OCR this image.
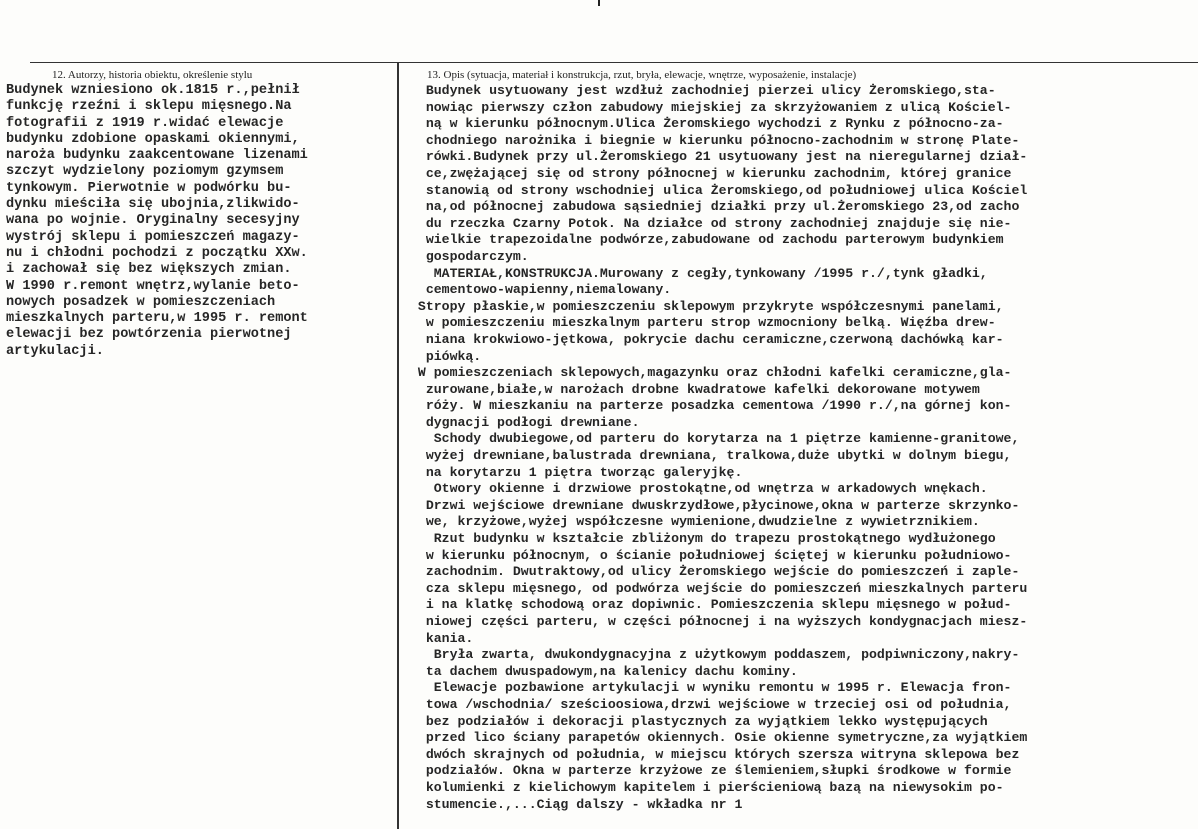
12. Autorzy, historia obiektu, określenie stylu	13. Opis (sytuacja, materiał i konstrukcja, rzut, bryła, elewacje, wnętrze, wyposażenie, instalacje)
Budynek wzniesiono ok.1815 r.,pełnił
funkcję rzeźni i sklepu mięsnego.Na
fotografii z 1919 r.widać elewacje
budynku zdobione opaskami okiennymi,
naroża budynku zaakcentowane lizenami
szczyt wydzielony poziomym gzymsem
tynkowym. Pierwotnie w podwórku bu-
dynku mieściła się ubojnia,zlikwido-
wana po wojnie. Oryginalny secesyjny
wystrój sklepu i pomieszczeń magazy-
nu i chłodni pochodzi z początku XXw.
i zachował się bez większych zmian.
W 1990 r.remont wnętrz,wylanie beto-
nowych posadzek w pomieszczeniach
mieszkalnych parteru,w 1995 r. remont
elewacji bez powtórzenia pierwotnej
artykulacji.
Budynek usytuowany jest wzdłuż zachodniej pierzei ulicy Żeromskiego,sta-
nowiąc pierwszy człon zabudowy miejskiej za skrzyżowaniem z ulicą Kościel-
ną w kierunku północnym.Ulica Żeromskiego wychodzi z Rynku z północno-za-
chodniego narożnika i biegnie w kierunku północno-zachodnim w stronę Plate-
rówki.Budynek przy ul.Żeromskiego 21 usytuowany jest na nieregularnej dział-
ce,zwężającej się od strony północnej w kierunku zachodnim, której granice
stanowią od strony wschodniej ulica Żeromskiego,od południowej ulica Kościel
na,od północnej zabudowa sąsiedniej działki przy ul.Żeromskiego 23,od zacho
du rzeczka Czarny Potok. Na działce od strony zachodniej znajduje się nie-
wielkie trapezoidalne podwórze,zabudowane od zachodu parterowym budynkiem
gospodarczym.
MATERIAŁ,KONSTRUKCJA.Murowany z cegły,tynkowany /1995 r./,tynk gładki,
cementowo-wapienny,niemalowany.
Stropy płaskie,w pomieszczeniu sklepowym przykryte współczesnymi panelami,
w pomieszczeniu mieszkalnym parteru strop wzmocniony belką. Więźba drew-
niana krokwiowo-jętkowa, pokrycie dachu ceramiczne,czerwoną dachówką kar-
piówką.
W pomieszczeniach sklepowych,magazynku oraz chłodni kafelki ceramiczne,gla-
zurowane,białe,w narożach drobne kwadratowe kafelki dekorowane motywem
róży. W mieszkaniu na parterze posadzka cementowa /1990 r./,na górnej kon-
dygnacji podłogi drewniane.
Schody dwubiegowe,od parteru do korytarza na 1 piętrze kamienne-granitowe,
wyżej drewniane,balustrada drewniana, tralkowa,duże ubytki w dolnym biegu,
na korytarzu 1 piętra tworząc galeryjkę.
Otwory okienne i drzwiowe prostokątne,od wnętrza w arkadowych wnękach.
Drzwi wejściowe drewniane dwuskrzydłowe,płycinowe,okna w parterze skrzynko-
we, krzyżowe,wyżej współczesne wymienione,dwudzielne z wywietrznikiem.
Rzut budynku w kształcie zbliżonym do trapezu prostokątnego wydłużonego
w kierunku północnym, o ścianie południowej ściętej w kierunku południowo-
zachodnim. Dwutraktowy,od ulicy Żeromskiego wejście do pomieszczeń i zaple-
cza sklepu mięsnego, od podwórza wejście do pomieszczeń mieszkalnych parteru
i na klatkę schodową oraz dopiwnic. Pomieszczenia sklepu mięsnego w połud-
niowej części parteru, w części północnej i na wyższych kondygnacjach miesz-
kania.
Bryła zwarta, dwukondygnacyjna z użytkowym poddaszem, podpiwniczony,nakry-
ta dachem dwuspadowym,na kalenicy dachu kominy.
Elewacje pozbawione artykulacji w wyniku remontu w 1995 r. Elewacja fron-
towa /wschodnia/ sześcioosiowa,drzwi wejściowe w trzeciej osi od południa,
bez podziałów i dekoracji plastycznych za wyjątkiem lekko występujących
przed lico ściany parapetów okiennych. Osie okienne symetryczne,za wyjątkiem
dwóch skrajnych od południa, w miejscu których szersza witryna sklepowa bez
podziałów. Okna w parterze krzyżowe ze ślemieniem,słupki środkowe w formie
kolumienki z kielichowym kapitelem i pierścieniową bazą na niewysokim po-
stumencie.,...Ciąg dalszy - wkładka nr 1
